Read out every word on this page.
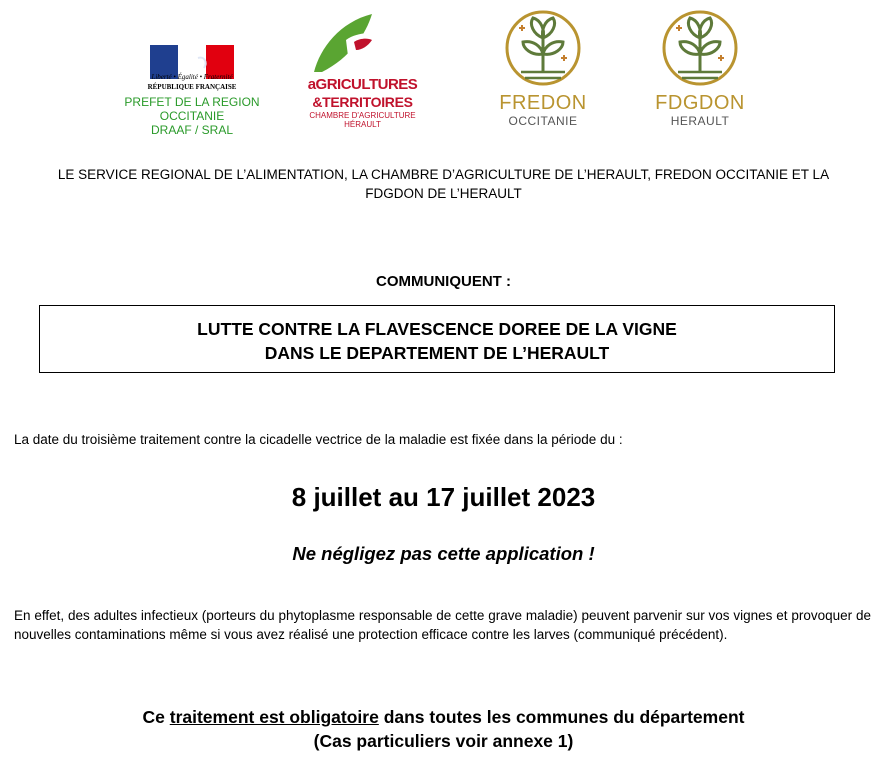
Liberté • Égalité • Fraternité
RÉPUBLIQUE FRANÇAISE
PREFET DE LA REGION
OCCITANIE
DRAAF / SRAL
aGRICULTURES
&TERRITOIRES
CHAMBRE D'AGRICULTURE
HÉRAULT
FREDON
OCCITANIE
FDGDON
HERAULT
LE SERVICE REGIONAL DE L’ALIMENTATION, LA CHAMBRE D’AGRICULTURE DE L’HERAULT, FREDON OCCITANIE ET LA FDGDON DE L’HERAULT
COMMUNIQUENT :
LUTTE CONTRE LA FLAVESCENCE DOREE DE LA VIGNE
DANS LE DEPARTEMENT DE L’HERAULT
La date du troisième traitement contre la cicadelle vectrice de la maladie est fixée dans la période du :
8 juillet au 17 juillet 2023
Ne négligez pas cette application !
En effet, des adultes infectieux (porteurs du phytoplasme responsable de cette grave maladie) peuvent parvenir sur vos vignes et provoquer de nouvelles contaminations même si vous avez réalisé une protection efficace contre les larves (communiqué précédent).
Ce traitement est obligatoire dans toutes les communes du département
(Cas particuliers voir annexe 1)
